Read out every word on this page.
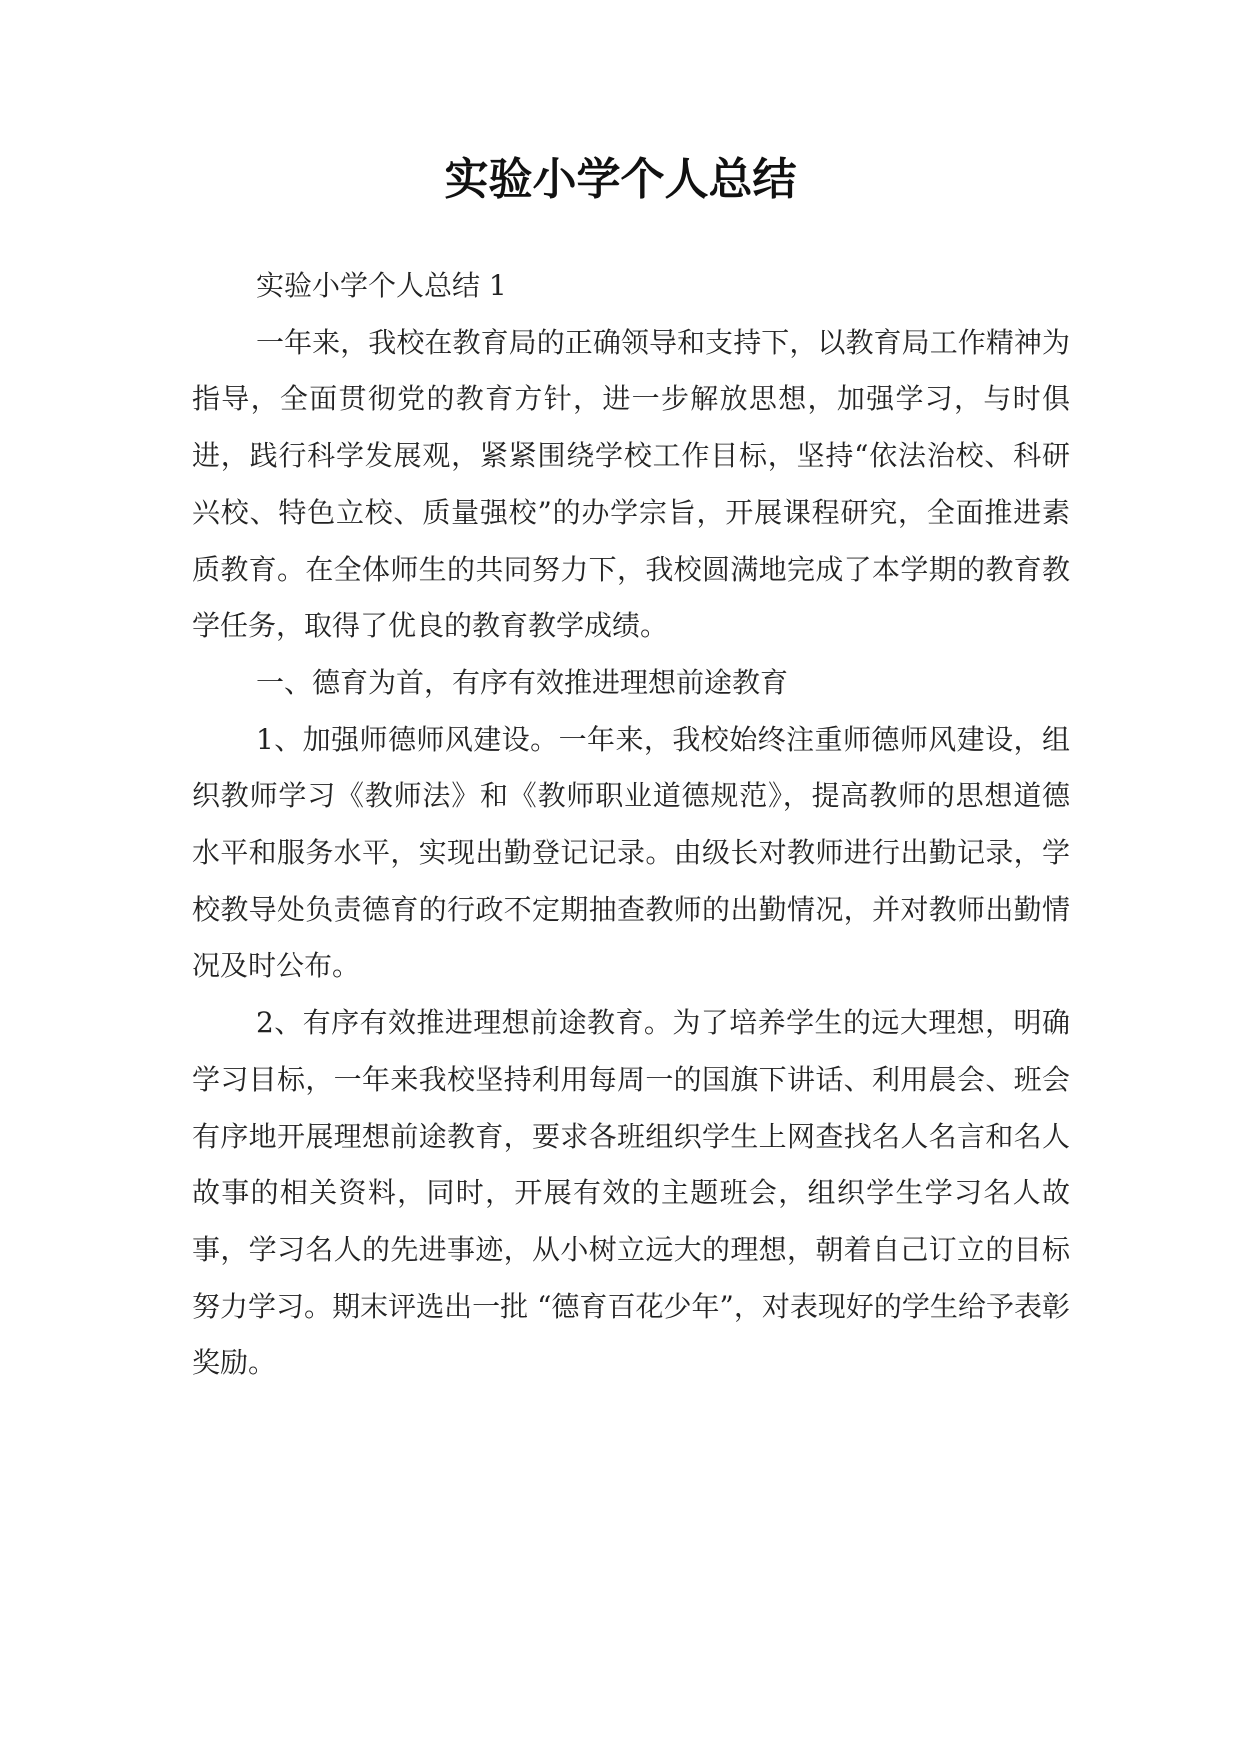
实验小学个人总结

实验小学个人总结 1

一年来，我校在教育局的正确领导和支持下，以教育局工作精神为指导，全面贯彻党的教育方针，进一步解放思想，加强学习，与时俱进，践行科学发展观，紧紧围绕学校工作目标，坚持“依法治校、科研兴校、特色立校、质量强校”的办学宗旨，开展课程研究，全面推进素质教育。在全体师生的共同努力下，我校圆满地完成了本学期的教育教学任务，取得了优良的教育教学成绩。

一、德育为首，有序有效推进理想前途教育

1、加强师德师风建设。一年来，我校始终注重师德师风建设，组织教师学习《教师法》和《教师职业道德规范》，提高教师的思想道德水平和服务水平，实现出勤登记记录。由级长对教师进行出勤记录，学校教导处负责德育的行政不定期抽查教师的出勤情况，并对教师出勤情况及时公布。

2、有序有效推进理想前途教育。为了培养学生的远大理想，明确学习目标，一年来我校坚持利用每周一的国旗下讲话、利用晨会、班会有序地开展理想前途教育，要求各班组织学生上网查找名人名言和名人故事的相关资料，同时，开展有效的主题班会，组织学生学习名人故事，学习名人的先进事迹，从小树立远大的理想，朝着自己订立的目标努力学习。期末评选出一批 “德育百花少年”，对表现好的学生给予表彰奖励。
